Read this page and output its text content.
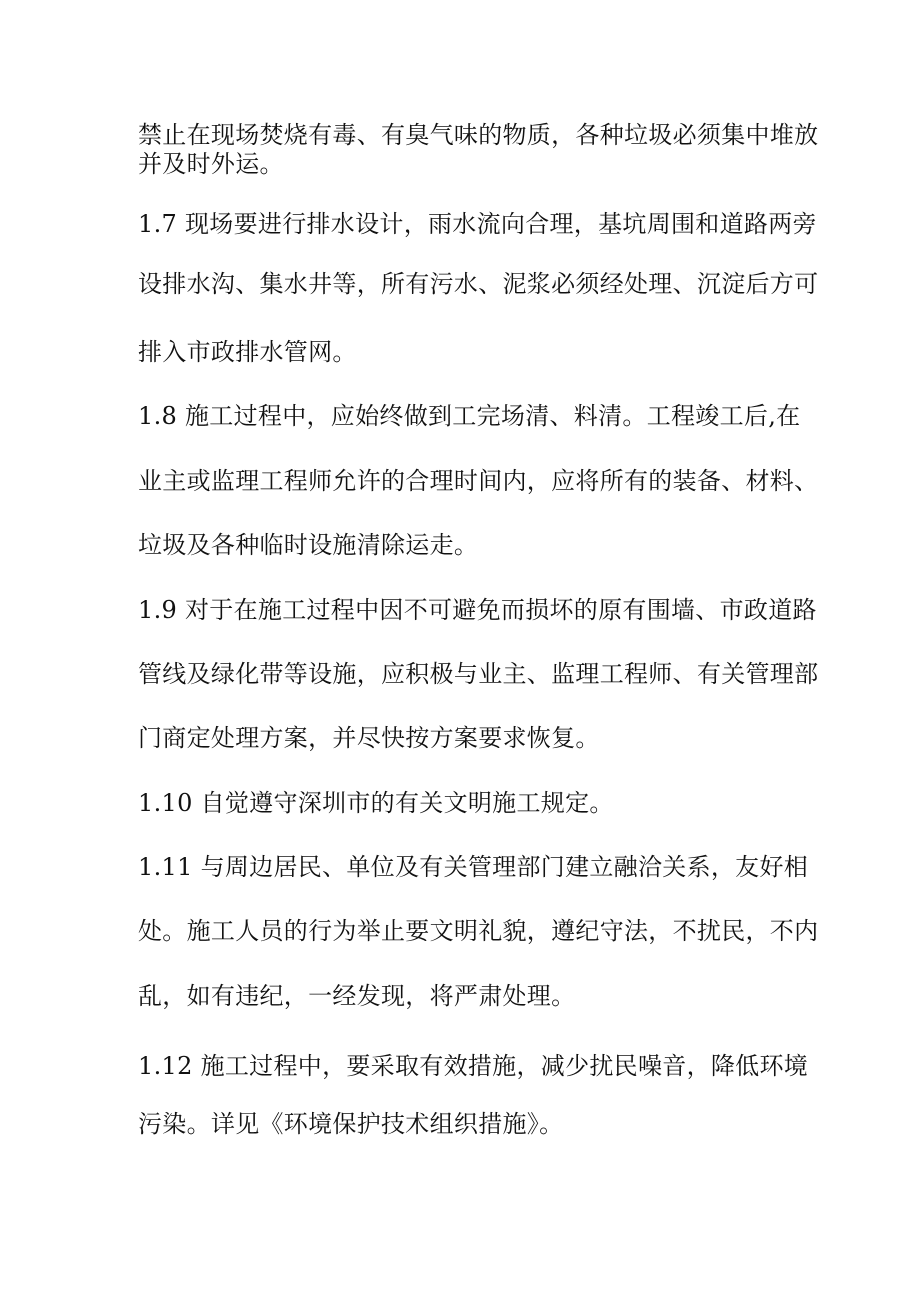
禁止在现场焚烧有毒、有臭气味的物质，各种垃圾必须集中堆放
并及时外运。
1.7 现场要进行排水设计，雨水流向合理，基坑周围和道路两旁
设排水沟、集水井等，所有污水、泥浆必须经处理、沉淀后方可
排入市政排水管网。
1.8 施工过程中，应始终做到工完场清、料清。工程竣工后,在
业主或监理工程师允许的合理时间内，应将所有的装备、材料、
垃圾及各种临时设施清除运走。
1.9 对于在施工过程中因不可避免而损坏的原有围墙、市政道路
管线及绿化带等设施，应积极与业主、监理工程师、有关管理部
门商定处理方案，并尽快按方案要求恢复。
1.10 自觉遵守深圳市的有关文明施工规定。
1.11 与周边居民、单位及有关管理部门建立融洽关系，友好相
处。施工人员的行为举止要文明礼貌，遵纪守法，不扰民，不内
乱，如有违纪，一经发现，将严肃处理。
1.12 施工过程中，要采取有效措施，减少扰民噪音，降低环境
污染。详见《环境保护技术组织措施》。
